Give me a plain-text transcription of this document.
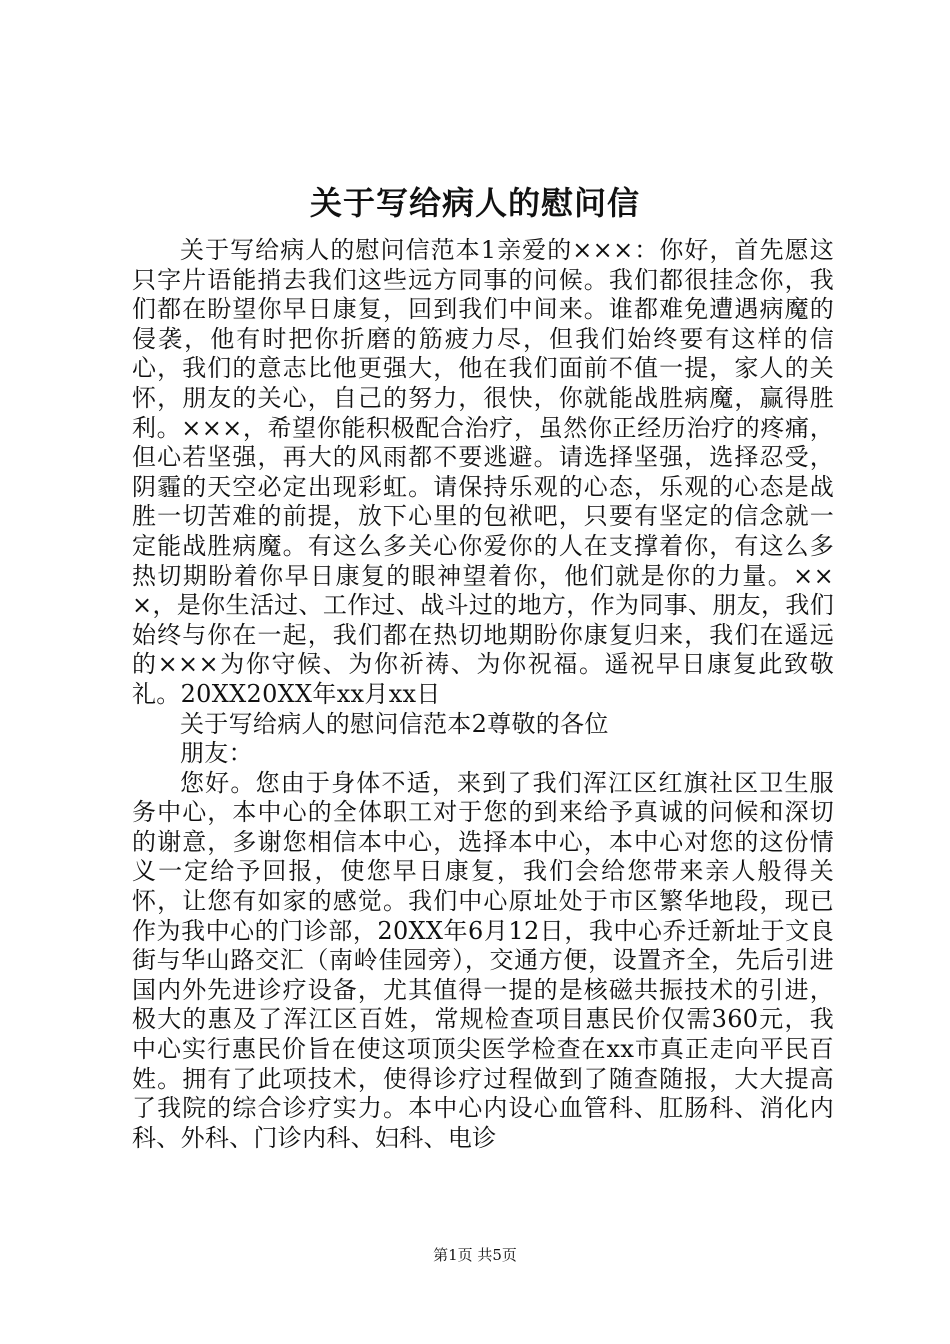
关于写给病人的慰问信

关于写给病人的慰问信范本1亲爱的×××：你好，首先愿这只字片语能捎去我们这些远方同事的问候。我们都很挂念你，我们都在盼望你早日康复，回到我们中间来。谁都难免遭遇病魔的侵袭，他有时把你折磨的筋疲力尽，但我们始终要有这样的信心，我们的意志比他更强大，他在我们面前不值一提，家人的关怀，朋友的关心，自己的努力，很快，你就能战胜病魔，赢得胜利。×××，希望你能积极配合治疗，虽然你正经历治疗的疼痛，但心若坚强，再大的风雨都不要逃避。请选择坚强，选择忍受，阴霾的天空必定出现彩虹。请保持乐观的心态，乐观的心态是战胜一切苦难的前提，放下心里的包袱吧，只要有坚定的信念就一定能战胜病魔。有这么多关心你爱你的人在支撑着你，有这么多热切期盼着你早日康复的眼神望着你，他们就是你的力量。×××，是你生活过、工作过、战斗过的地方，作为同事、朋友，我们始终与你在一起，我们都在热切地期盼你康复归来，我们在遥远的×××为你守候、为你祈祷、为你祝福。遥祝早日康复此致敬礼。20XX20XX年xx月xx日

关于写给病人的慰问信范本2尊敬的各位

朋友：

您好。您由于身体不适，来到了我们浑江区红旗社区卫生服务中心，本中心的全体职工对于您的到来给予真诚的问候和深切的谢意，多谢您相信本中心，选择本中心，本中心对您的这份情义一定给予回报，使您早日康复，我们会给您带来亲人般得关怀，让您有如家的感觉。我们中心原址处于市区繁华地段，现已作为我中心的门诊部，20XX年6月12日，我中心乔迁新址于文良街与华山路交汇（南岭佳园旁），交通方便，设置齐全，先后引进国内外先进诊疗设备，尤其值得一提的是核磁共振技术的引进，极大的惠及了浑江区百姓，常规检查项目惠民价仅需360元，我中心实行惠民价旨在使这项顶尖医学检查在xx市真正走向平民百姓。拥有了此项技术，使得诊疗过程做到了随查随报，大大提高了我院的综合诊疗实力。本中心内设心血管科、肛肠科、消化内科、外科、门诊内科、妇科、电诊

第1页 共5页
